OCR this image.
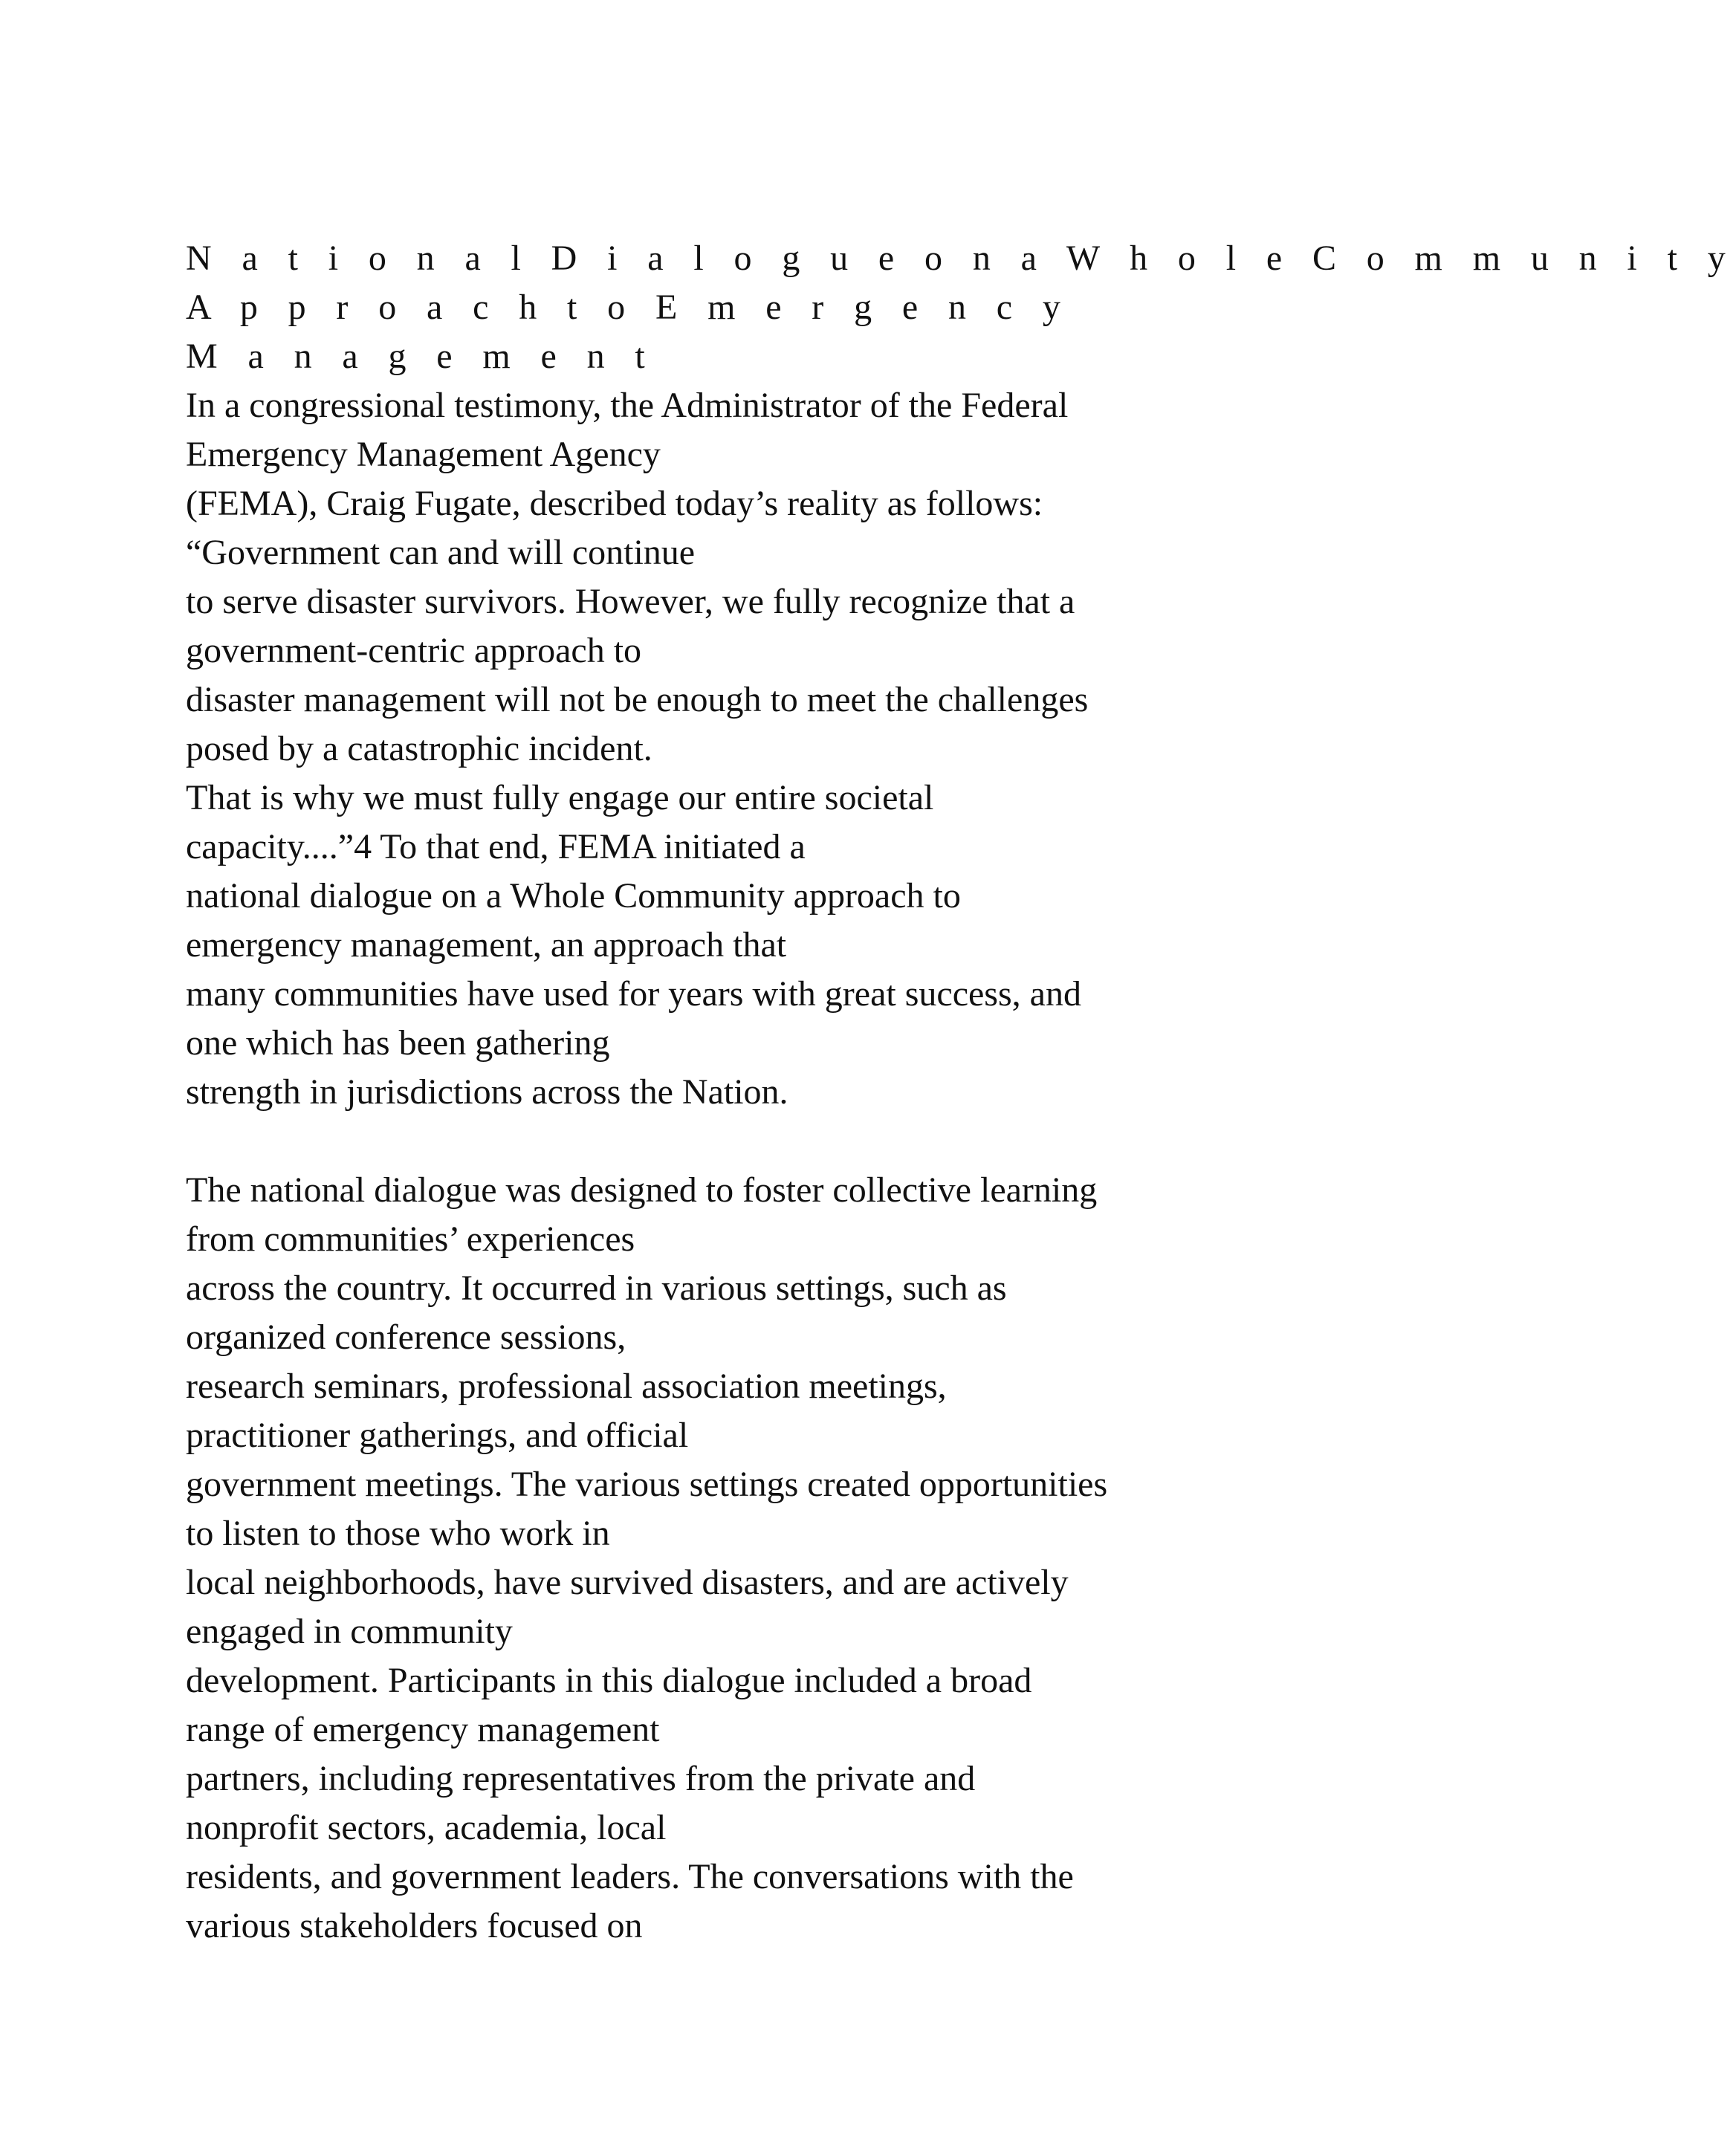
N a t i o n a l D i a l o g u e o n a W h o l e C o m m u n i t y
A p p r o a c h t o E m e r g e n c y
M a n a g e m e n t
In a congressional testimony, the Administrator of the Federal
Emergency Management Agency
(FEMA), Craig Fugate, described today’s reality as follows:
“Government can and will continue
to serve disaster survivors. However, we fully recognize that a
government-centric approach to
disaster management will not be enough to meet the challenges
posed by a catastrophic incident.
That is why we must fully engage our entire societal
capacity....”4 To that end, FEMA initiated a
national dialogue on a Whole Community approach to
emergency management, an approach that
many communities have used for years with great success, and
one which has been gathering
strength in jurisdictions across the Nation.
The national dialogue was designed to foster collective learning
from communities’ experiences
across the country. It occurred in various settings, such as
organized conference sessions,
research seminars, professional association meetings,
practitioner gatherings, and official
government meetings. The various settings created opportunities
to listen to those who work in
local neighborhoods, have survived disasters, and are actively
engaged in community
development. Participants in this dialogue included a broad
range of emergency management
partners, including representatives from the private and
nonprofit sectors, academia, local
residents, and government leaders. The conversations with the
various stakeholders focused on
